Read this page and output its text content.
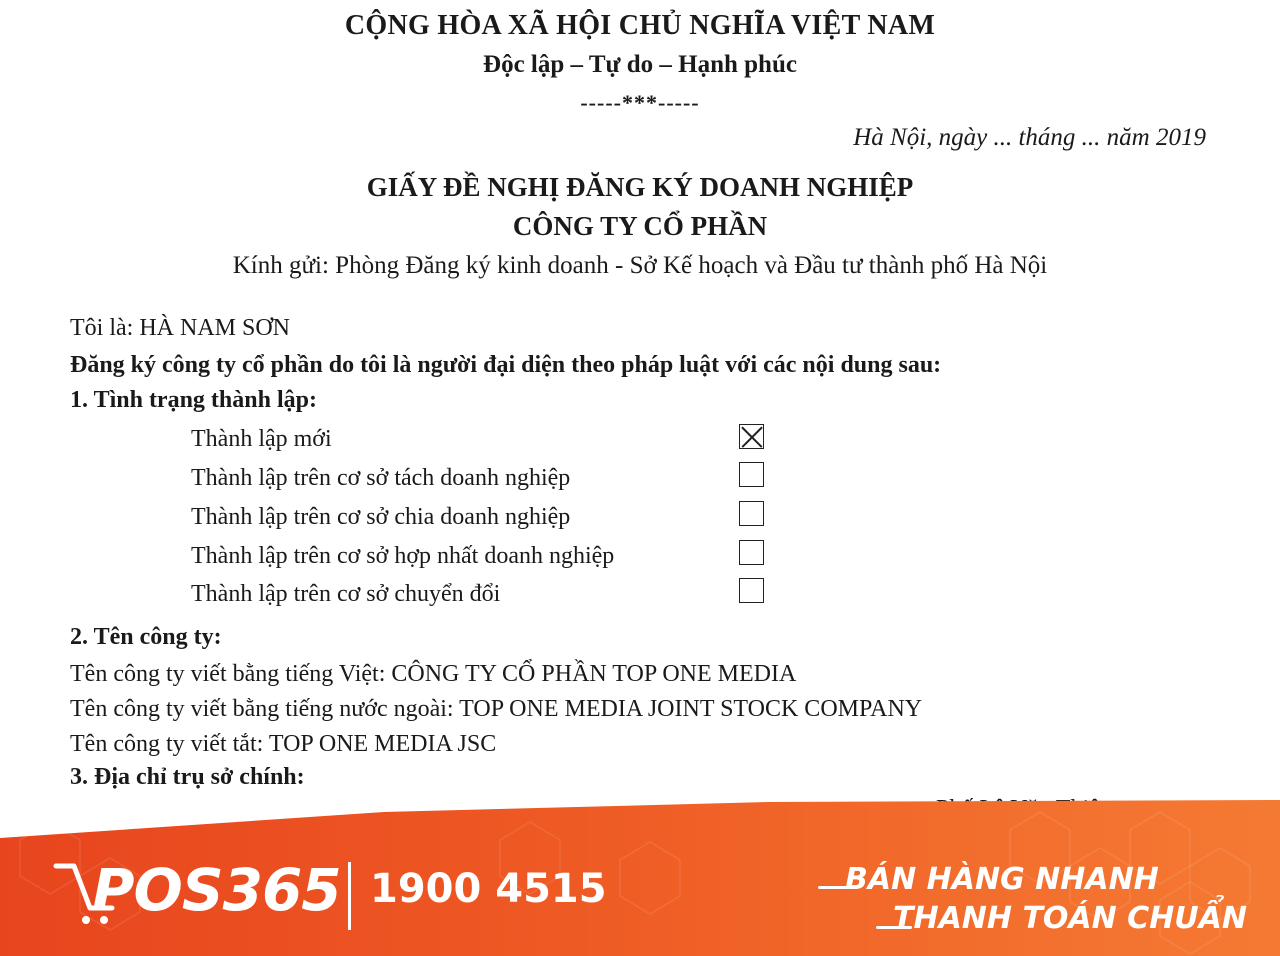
CỘNG HÒA XÃ HỘI CHỦ NGHĨA VIỆT NAM
Độc lập – Tự do – Hạnh phúc
-----***-----
Hà Nội, ngày ... tháng ... năm 2019
GIẤY ĐỀ NGHỊ ĐĂNG KÝ DOANH NGHIỆP
CÔNG TY CỔ PHẦN
Kính gửi: Phòng Đăng ký kinh doanh - Sở Kế hoạch và Đầu tư thành phố Hà Nội
Tôi là: HÀ NAM SƠN
Đăng ký công ty cổ phần do tôi là người đại diện theo pháp luật với các nội dung sau:
1. Tình trạng thành lập:
Thành lập mới
Thành lập trên cơ sở tách doanh nghiệp
Thành lập trên cơ sở chia doanh nghiệp
Thành lập trên cơ sở hợp nhất doanh nghiệp
Thành lập trên cơ sở chuyển đổi
2. Tên công ty:
Tên công ty viết bằng tiếng Việt: CÔNG TY CỔ PHẦN TOP ONE MEDIA
Tên công ty viết bằng tiếng nước ngoài: TOP ONE MEDIA JOINT STOCK COMPANY
Tên công ty viết tắt: TOP ONE MEDIA JSC
3. Địa chỉ trụ sở chính:
POS365 1900 4515	BÁN HÀNG NHANH
THANH TOÁN CHUẨN
